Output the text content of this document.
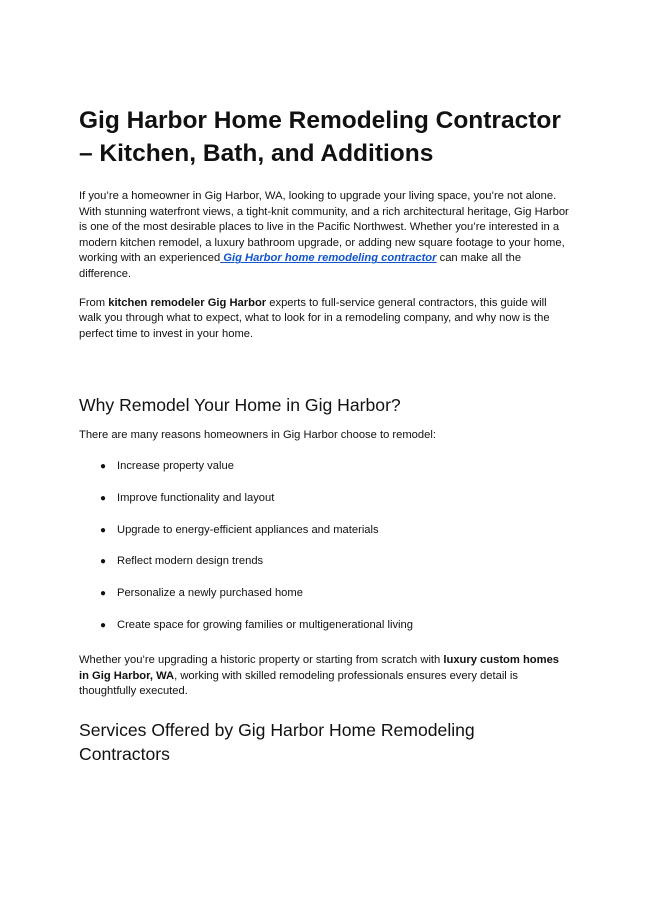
Gig Harbor Home Remodeling Contractor – Kitchen, Bath, and Additions

If you’re a homeowner in Gig Harbor, WA, looking to upgrade your living space, you’re not alone. With stunning waterfront views, a tight-knit community, and a rich architectural heritage, Gig Harbor is one of the most desirable places to live in the Pacific Northwest. Whether you’re interested in a modern kitchen remodel, a luxury bathroom upgrade, or adding new square footage to your home, working with an experienced Gig Harbor home remodeling contractor can make all the difference.

From kitchen remodeler Gig Harbor experts to full-service general contractors, this guide will walk you through what to expect, what to look for in a remodeling company, and why now is the perfect time to invest in your home.

Why Remodel Your Home in Gig Harbor?

There are many reasons homeowners in Gig Harbor choose to remodel:

● Increase property value
● Improve functionality and layout
● Upgrade to energy-efficient appliances and materials
● Reflect modern design trends
● Personalize a newly purchased home
● Create space for growing families or multigenerational living

Whether you’re upgrading a historic property or starting from scratch with luxury custom homes in Gig Harbor, WA, working with skilled remodeling professionals ensures every detail is thoughtfully executed.

Services Offered by Gig Harbor Home Remodeling Contractors
